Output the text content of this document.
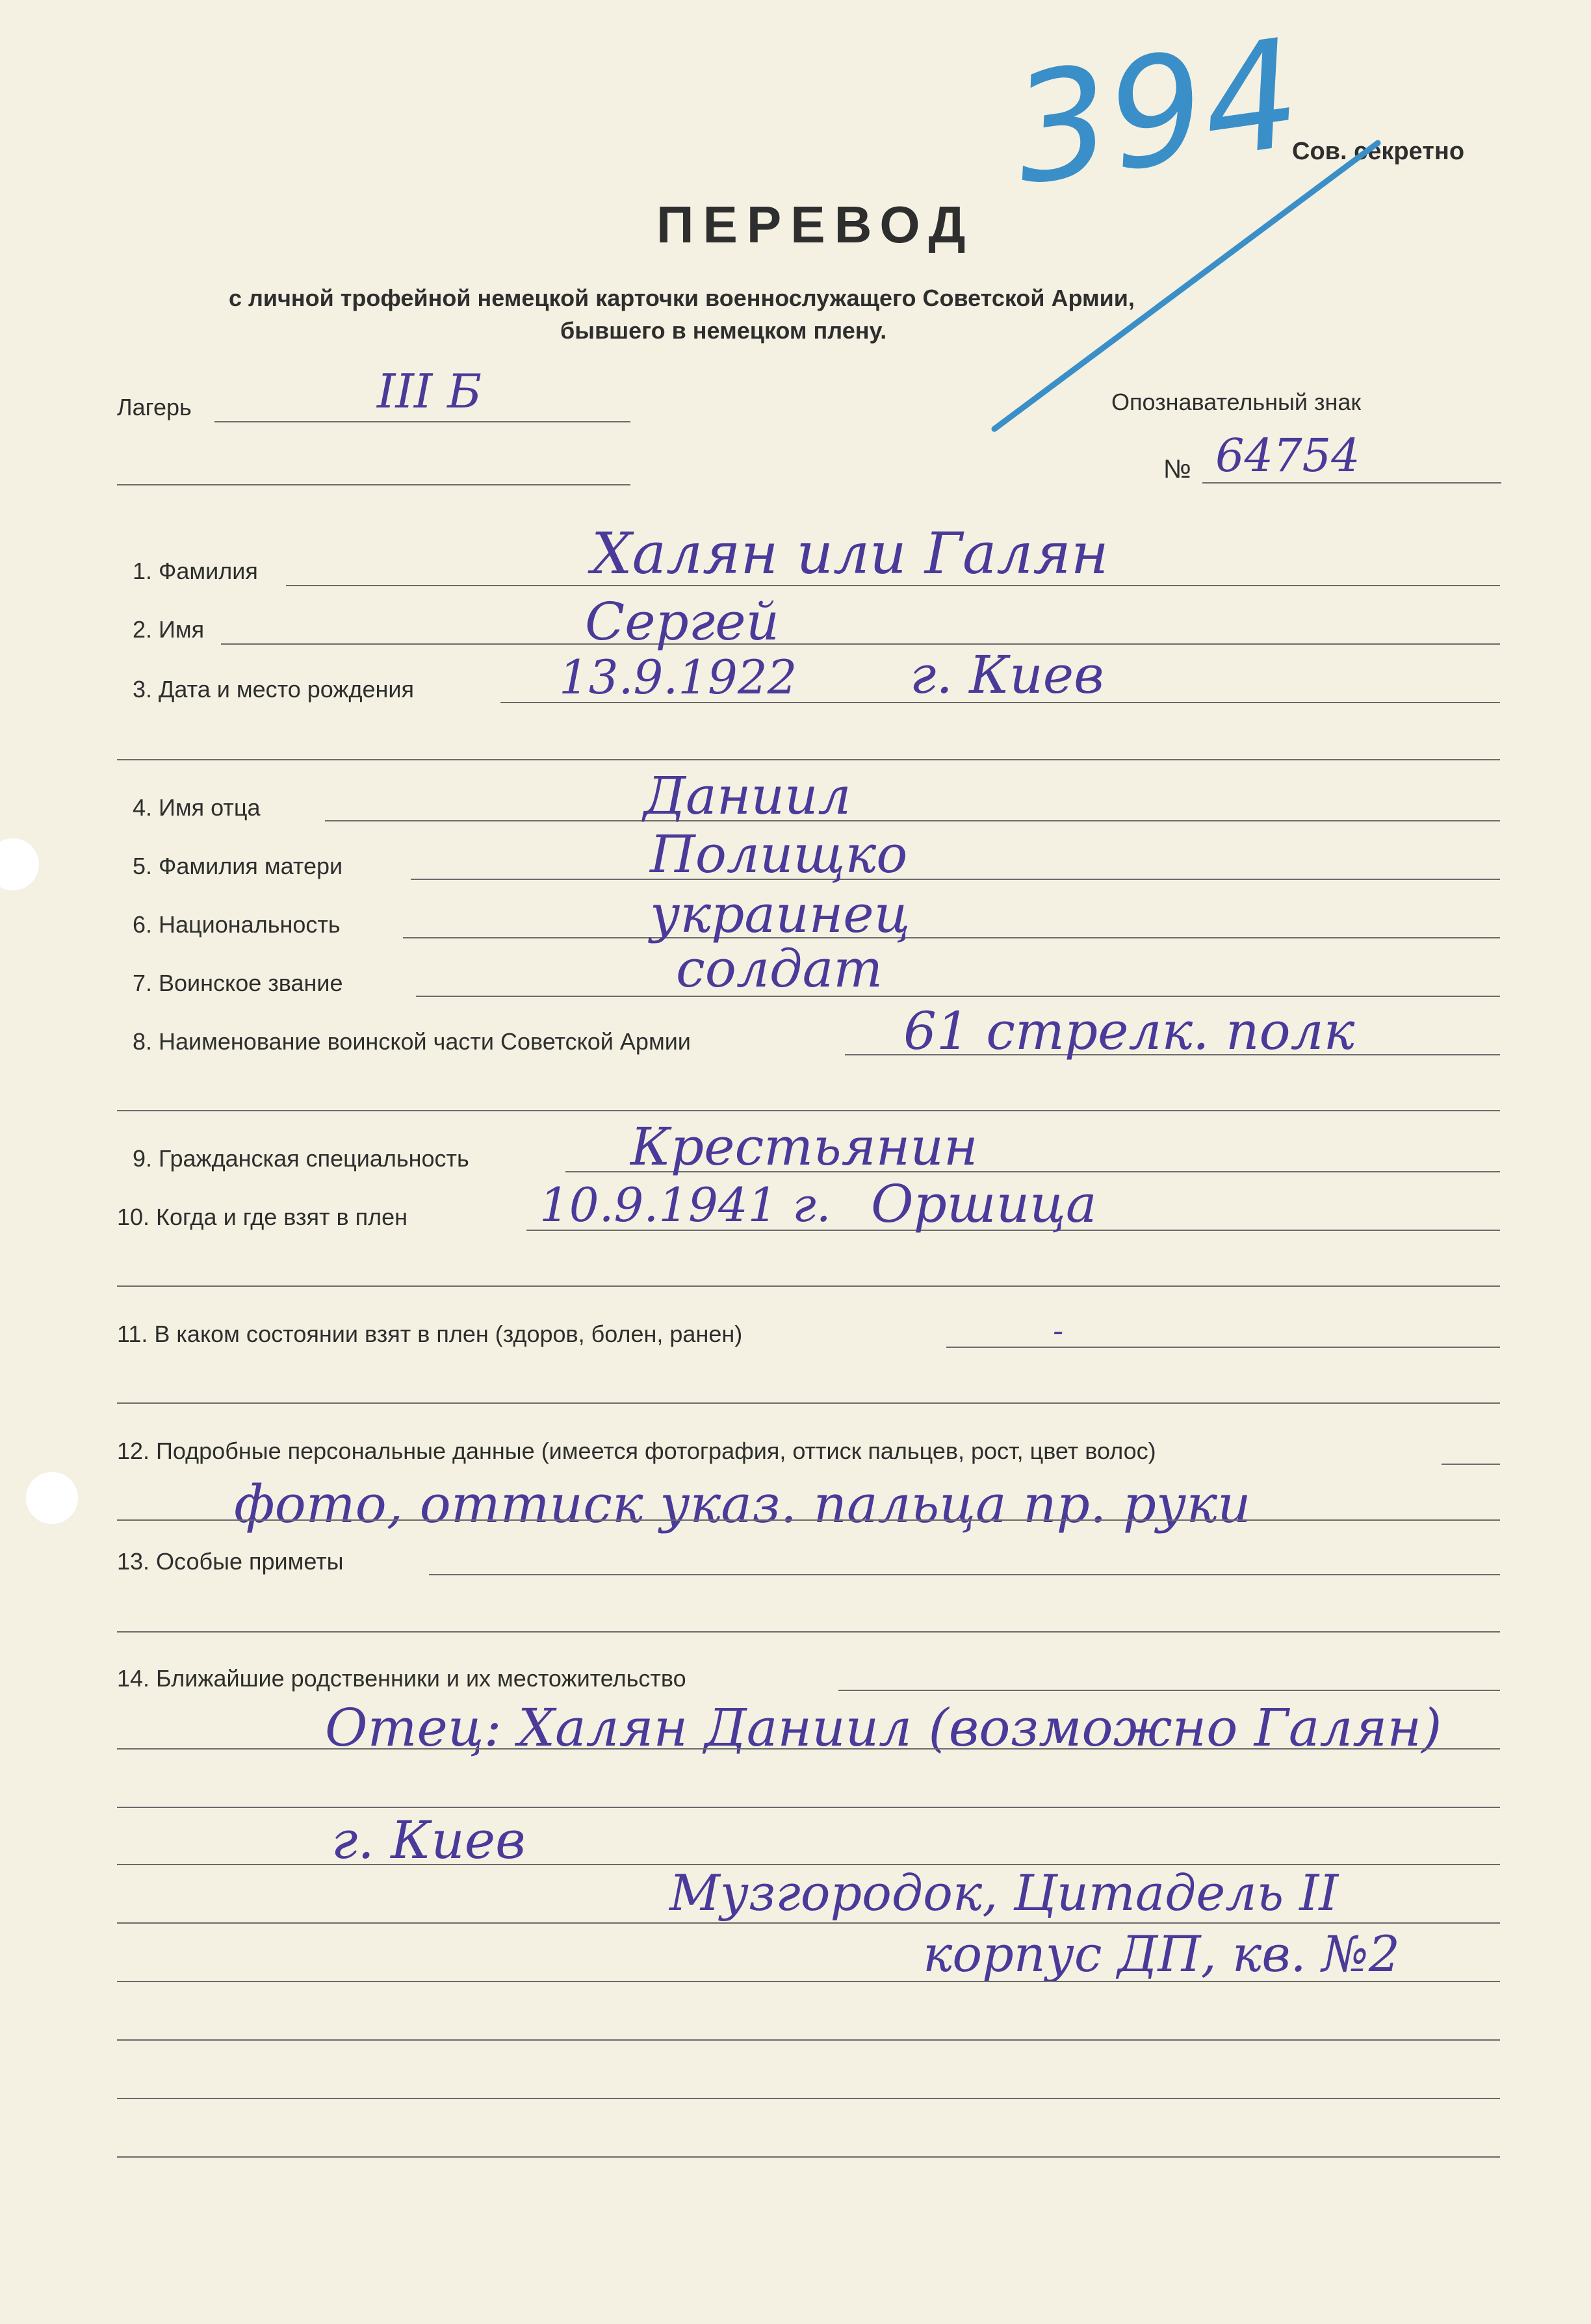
Сов. секретно
ПЕРЕВОД
с личной трофейной немецкой карточки военнослужащего Советской Армии,
бывшего в немецком плену.
394
Лагерь	III Б	Опознавательный знак
№ 64754
1. Фамилия	Халян или Галян
2. Имя	Сергей
3. Дата и место рождения	13.9.1922 г. Киев
4. Имя отца	Даниил
5. Фамилия матери	Полищко
6. Национальность	украинец
7. Воинское звание	солдат
8. Наименование воинской части Советской Армии	61 стрелк. полк
9. Гражданская специальность	Крестьянин
10. Когда и где взят в плен	10.9.1941 г. Оршица
11. В каком состоянии взят в плен (здоров, болен, ранен)	-
12. Подробные персональные данные (имеется фотография, оттиск пальцев, рост, цвет волос)
фото, оттиск указ. пальца пр. руки
13. Особые приметы
14. Ближайшие родственники и их местожительство
Отец: Халян Даниил (возможно Галян)
г. Киев
Музгородок, Цитадель II
корпус ДП, кв. №2
